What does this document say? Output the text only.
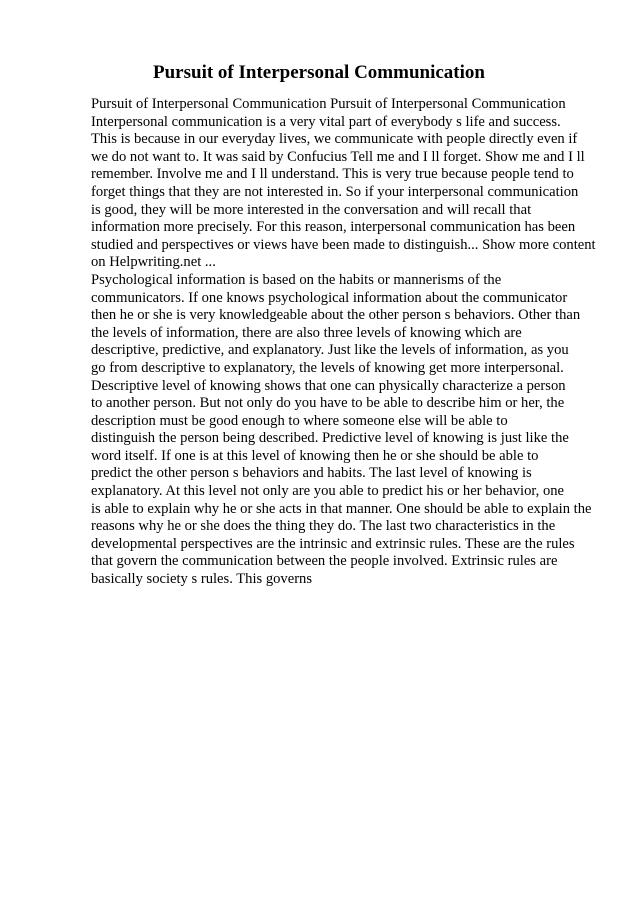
Pursuit of Interpersonal Communication
Pursuit of Interpersonal Communication Pursuit of Interpersonal Communication
Interpersonal communication is a very vital part of everybody s life and success.
This is because in our everyday lives, we communicate with people directly even if
we do not want to. It was said by Confucius Tell me and I ll forget. Show me and I ll
remember. Involve me and I ll understand. This is very true because people tend to
forget things that they are not interested in. So if your interpersonal communication
is good, they will be more interested in the conversation and will recall that
information more precisely. For this reason, interpersonal communication has been
studied and perspectives or views have been made to distinguish... Show more content
on Helpwriting.net ...
Psychological information is based on the habits or mannerisms of the
communicators. If one knows psychological information about the communicator
then he or she is very knowledgeable about the other person s behaviors. Other than
the levels of information, there are also three levels of knowing which are
descriptive, predictive, and explanatory. Just like the levels of information, as you
go from descriptive to explanatory, the levels of knowing get more interpersonal.
Descriptive level of knowing shows that one can physically characterize a person
to another person. But not only do you have to be able to describe him or her, the
description must be good enough to where someone else will be able to
distinguish the person being described. Predictive level of knowing is just like the
word itself. If one is at this level of knowing then he or she should be able to
predict the other person s behaviors and habits. The last level of knowing is
explanatory. At this level not only are you able to predict his or her behavior, one
is able to explain why he or she acts in that manner. One should be able to explain the
reasons why he or she does the thing they do. The last two characteristics in the
developmental perspectives are the intrinsic and extrinsic rules. These are the rules
that govern the communication between the people involved. Extrinsic rules are
basically society s rules. This governs
